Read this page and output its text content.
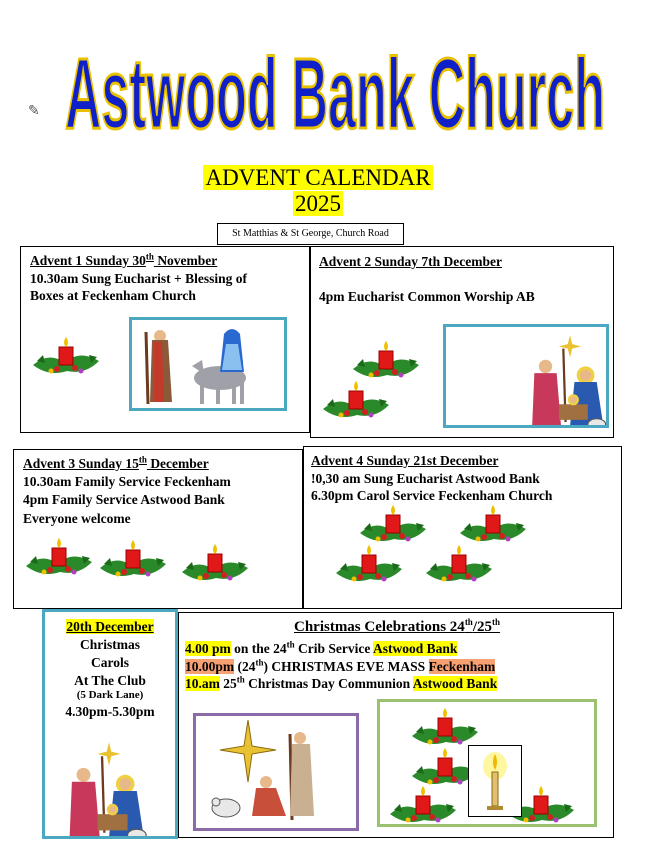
Astwood Bank Church
✎
ADVENT CALENDAR
2025
St Matthias & St George, Church Road
Advent 1 Sunday 30th November
10.30am Sung Eucharist + Blessing of
Boxes at Feckenham Church
Advent 2 Sunday 7th December
4pm Eucharist Common Worship AB
Advent 3 Sunday 15th December
10.30am Family Service Feckenham
4pm Family Service Astwood Bank
Everyone welcome
Advent 4 Sunday 21st December
!0,30 am Sung Eucharist Astwood Bank
6.30pm Carol Service Feckenham Church
20th December
Christmas
Carols
At The Club
(5 Dark Lane)
4.30pm-5.30pm
Christmas Celebrations 24th/25th
4.00 pm on the 24th Crib Service Astwood Bank
10.00pm (24th) CHRISTMAS EVE MASS Feckenham
10.am 25th Christmas Day Communion Astwood Bank
